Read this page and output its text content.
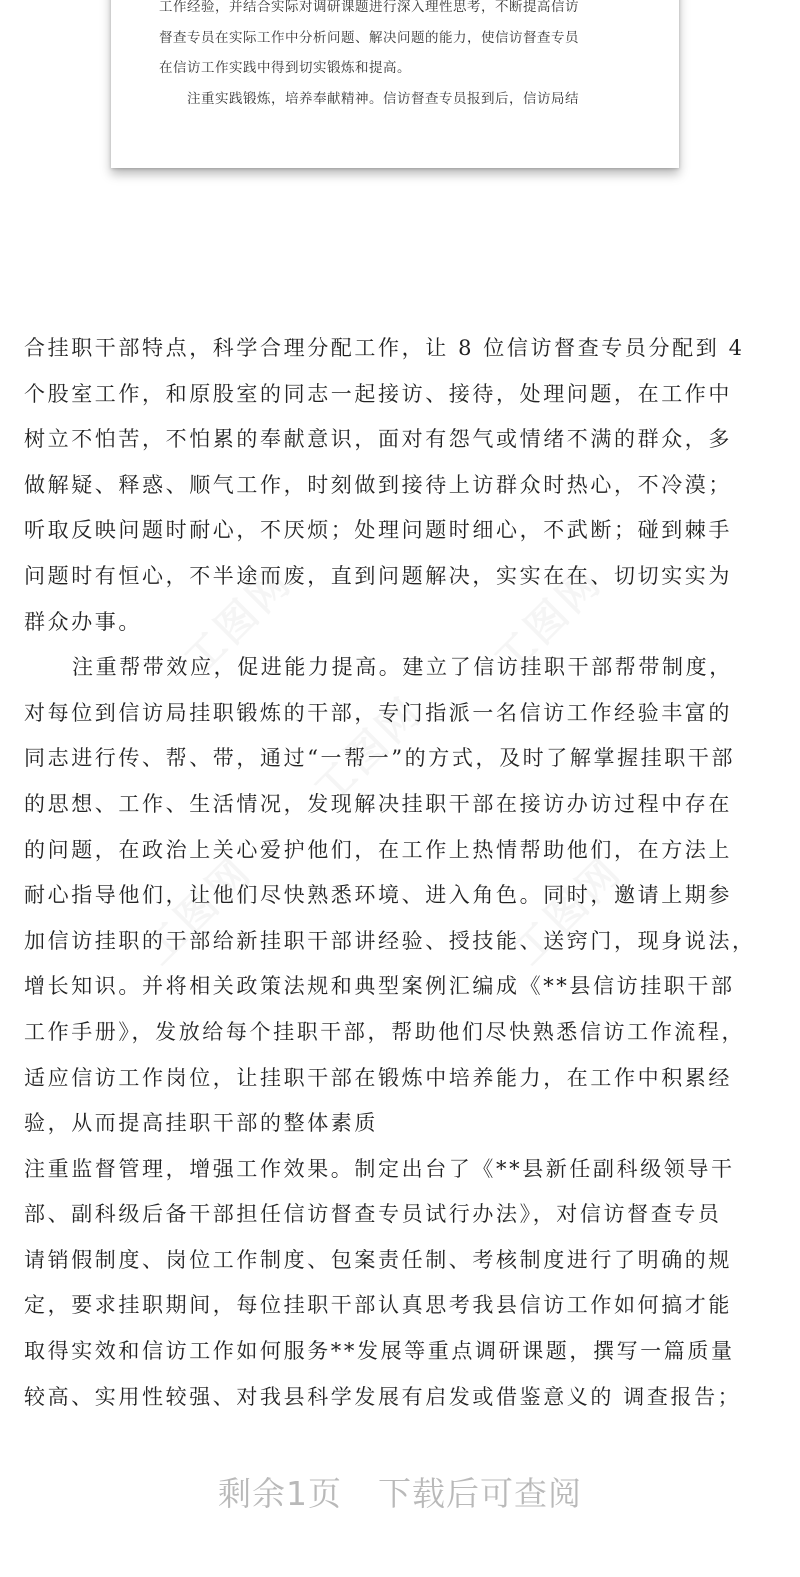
工作经验，并结合实际对调研课题进行深入理性思考，不断提高信访

督查专员在实际工作中分析问题、解决问题的能力，使信访督查专员

在信访工作实践中得到切实锻炼和提高。

注重实践锻炼，培养奉献精神。信访督查专员报到后，信访局结

工图网
工图网
工图网
工图网	工图网
合挂职干部特点，科学合理分配工作，让 8 位信访督查专员分配到 4
个股室工作，和原股室的同志一起接访、接待，处理问题，在工作中
树立不怕苦，不怕累的奉献意识，面对有怨气或情绪不满的群众，多
做解疑、释惑、顺气工作，时刻做到接待上访群众时热心，不冷漠；
听取反映问题时耐心，不厌烦；处理问题时细心，不武断；碰到棘手
问题时有恒心，不半途而废，直到问题解决，实实在在、切切实实为
群众办事。
注重帮带效应，促进能力提高。建立了信访挂职干部帮带制度，
对每位到信访局挂职锻炼的干部，专门指派一名信访工作经验丰富的
同志进行传、帮、带，通过“一帮一”的方式，及时了解掌握挂职干部
的思想、工作、生活情况，发现解决挂职干部在接访办访过程中存在
的问题，在政治上关心爱护他们，在工作上热情帮助他们，在方法上
耐心指导他们，让他们尽快熟悉环境、进入角色。同时，邀请上期参
加信访挂职的干部给新挂职干部讲经验、授技能、送窍门，现身说法，
增长知识。并将相关政策法规和典型案例汇编成《**县信访挂职干部
工作手册》，发放给每个挂职干部，帮助他们尽快熟悉信访工作流程，
适应信访工作岗位，让挂职干部在锻炼中培养能力，在工作中积累经
验，从而提高挂职干部的整体素质
注重监督管理，增强工作效果。制定出台了《**县新任副科级领导干
部、副科级后备干部担任信访督查专员试行办法》，对信访督查专员
请销假制度、岗位工作制度、包案责任制、考核制度进行了明确的规
定，要求挂职期间，每位挂职干部认真思考我县信访工作如何搞才能
取得实效和信访工作如何服务**发展等重点调研课题，撰写一篇质量
较高、实用性较强、对我县科学发展有启发或借鉴意义的 调查报告；
剩余1页 下载后可查阅
